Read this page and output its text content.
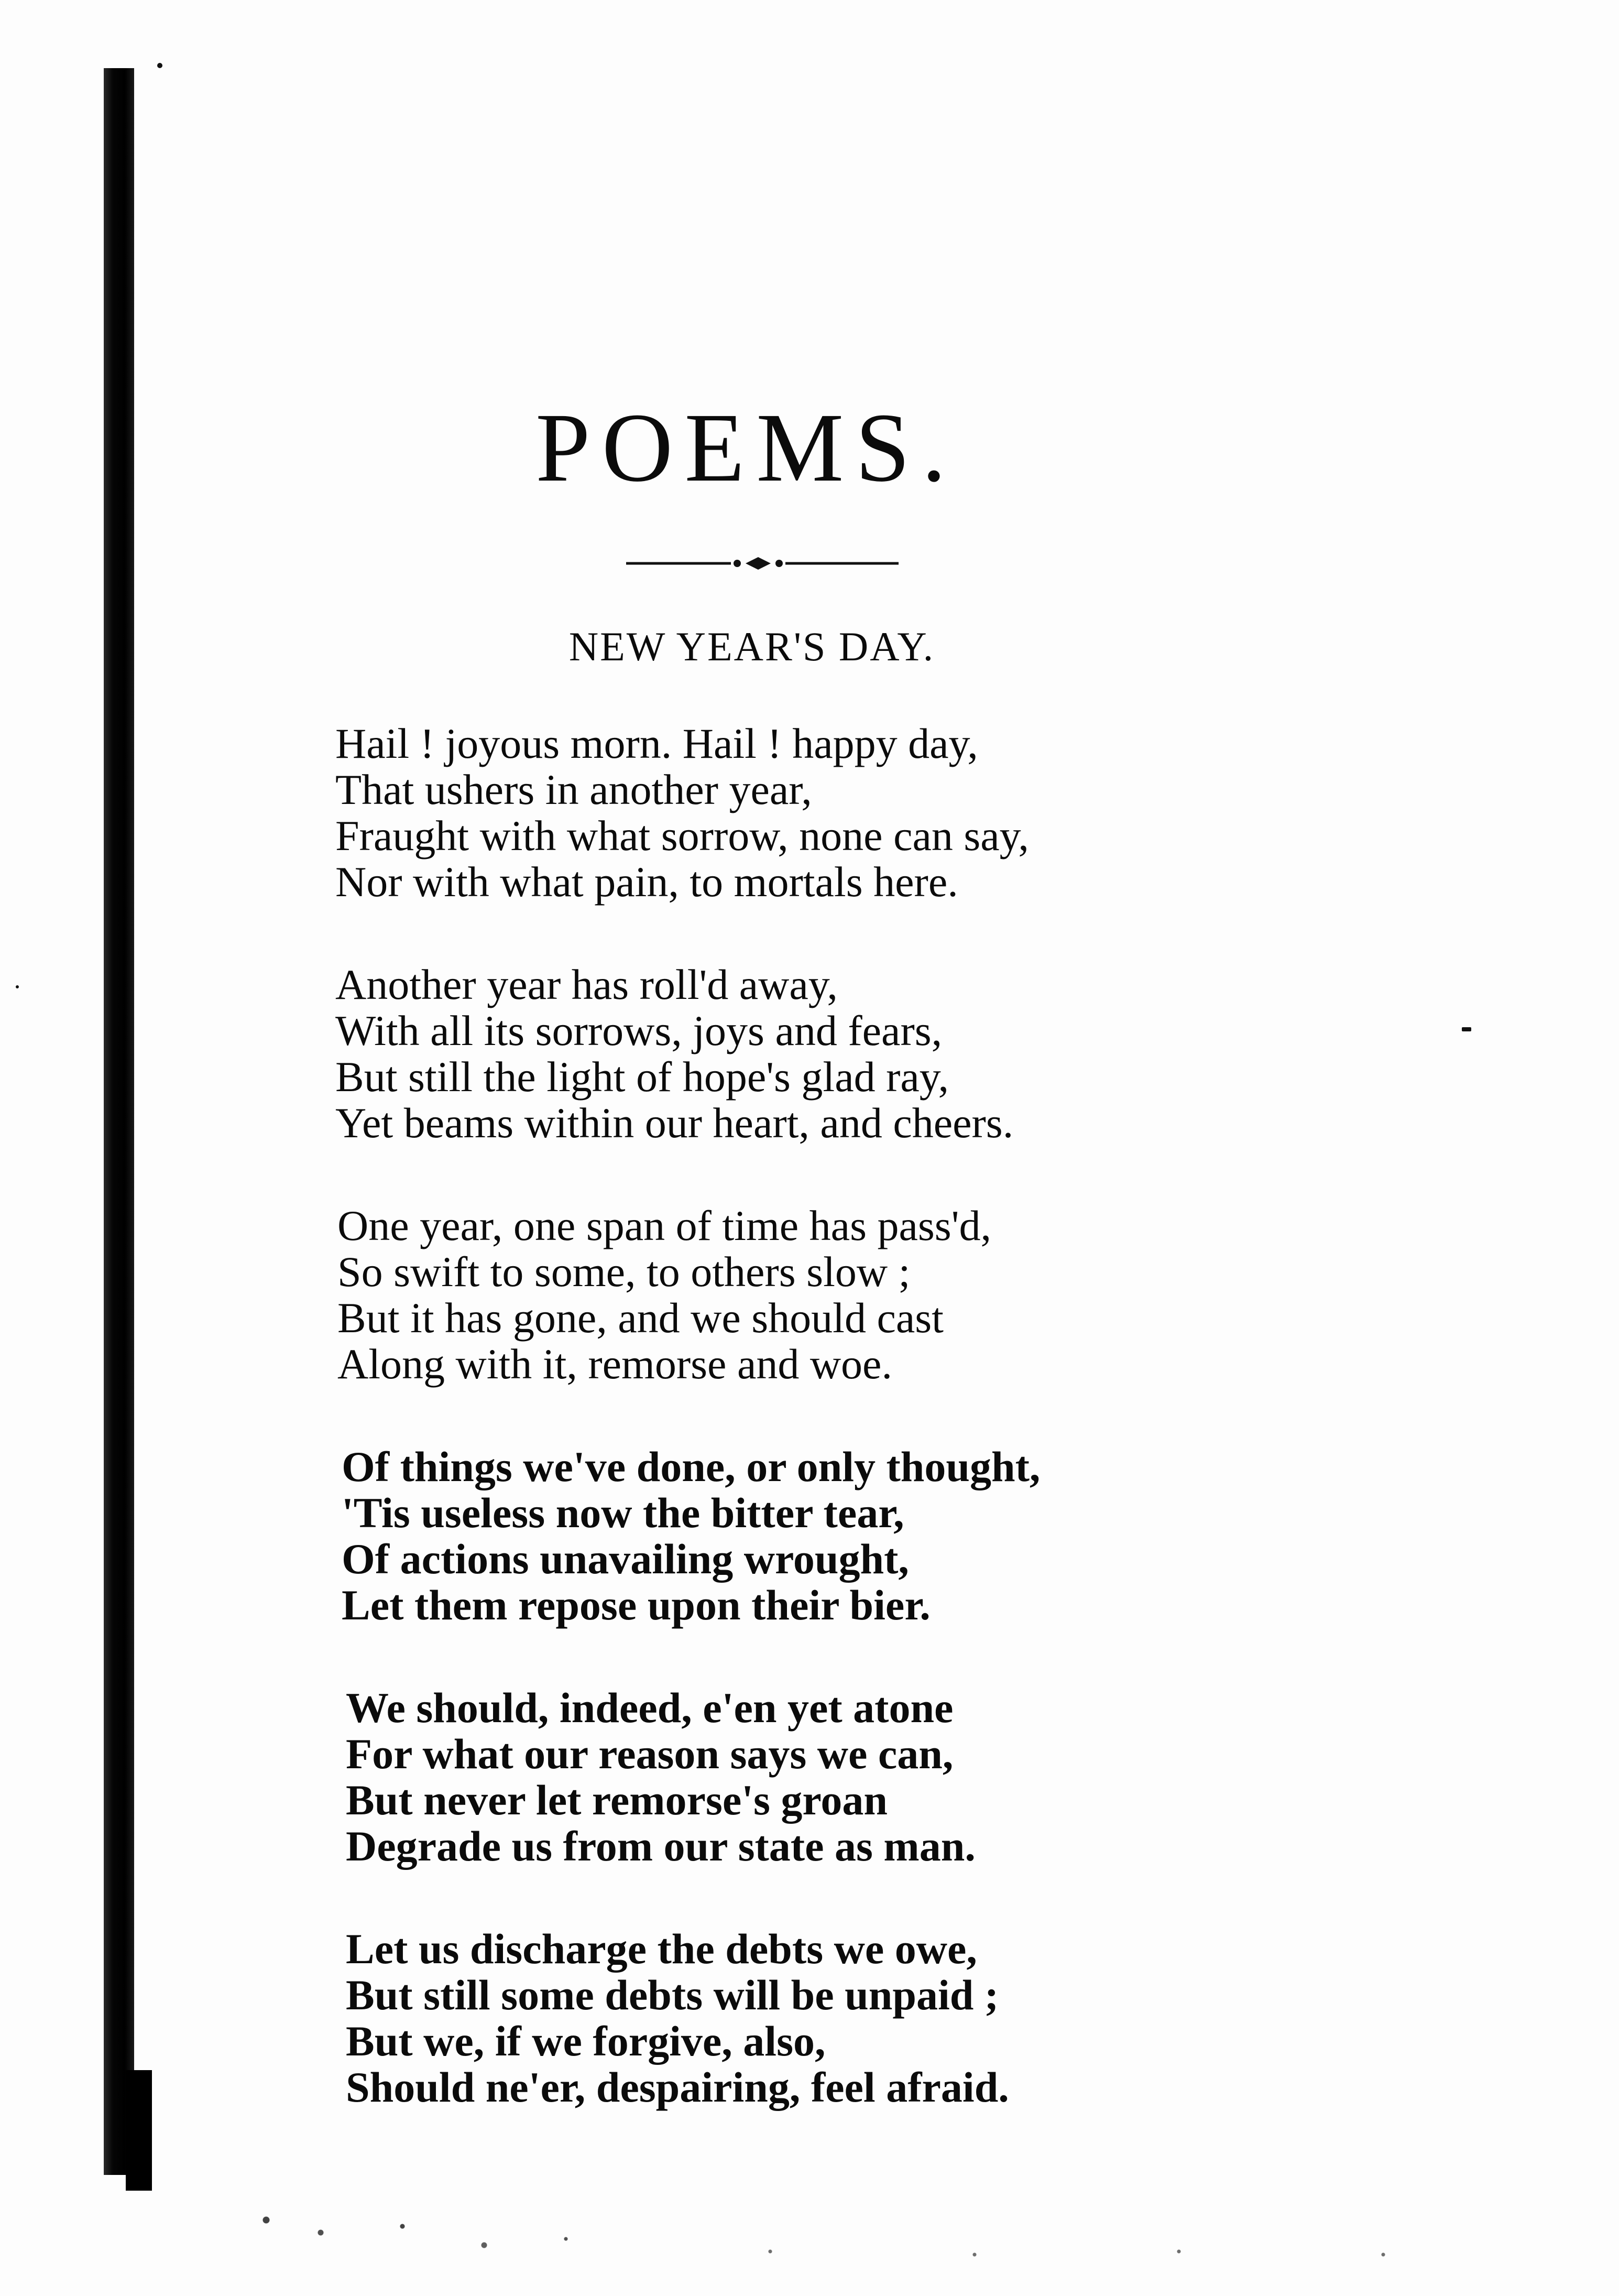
POEMS.
NEW YEAR'S DAY.
Hail ! joyous morn. Hail ! happy day,
That ushers in another year,
Fraught with what sorrow, none can say,
Nor with what pain, to mortals here.
Another year has roll'd away,
With all its sorrows, joys and fears,
But still the light of hope's glad ray,
Yet beams within our heart, and cheers.
One year, one span of time has pass'd,
So swift to some, to others slow ;
But it has gone, and we should cast
Along with it, remorse and woe.
Of things we've done, or only thought,
'Tis useless now the bitter tear,
Of actions unavailing wrought,
Let them repose upon their bier.
We should, indeed, e'en yet atone
For what our reason says we can,
But never let remorse's groan
Degrade us from our state as man.
Let us discharge the debts we owe,
But still some debts will be unpaid ;
But we, if we forgive, also,
Should ne'er, despairing, feel afraid.
